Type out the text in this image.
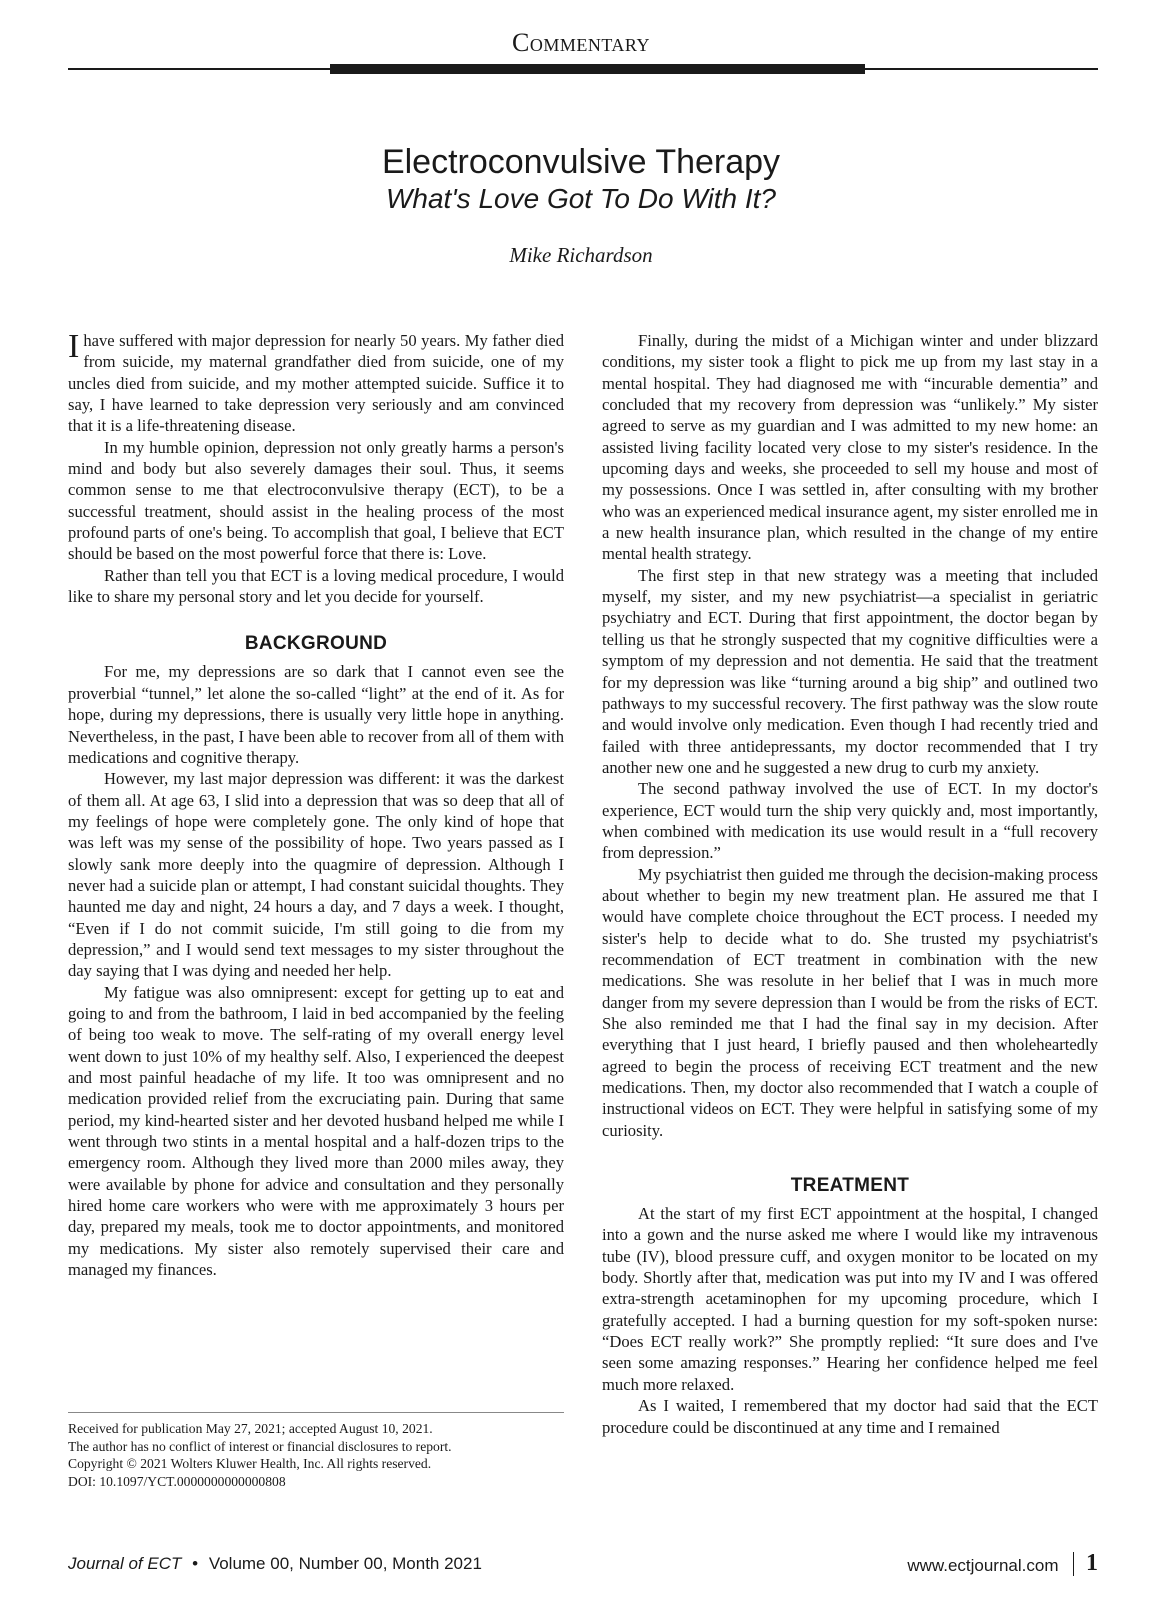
Commentary
Electroconvulsive Therapy
What's Love Got To Do With It?
Mike Richardson

Ihave suffered with major depression for nearly 50 years. My father died from suicide, my maternal grandfather died from suicide, one of my uncles died from suicide, and my mother attempted suicide. Suffice it to say, I have learned to take depression very seriously and am convinced that it is a life-threatening disease.

In my humble opinion, depression not only greatly harms a person's mind and body but also severely damages their soul. Thus, it seems common sense to me that electroconvulsive therapy (ECT), to be a successful treatment, should assist in the healing process of the most profound parts of one's being. To accomplish that goal, I believe that ECT should be based on the most powerful force that there is: Love.

Rather than tell you that ECT is a loving medical procedure, I would like to share my personal story and let you decide for yourself.

BACKGROUND

For me, my depressions are so dark that I cannot even see the proverbial “tunnel,” let alone the so-called “light” at the end of it. As for hope, during my depressions, there is usually very little hope in anything. Nevertheless, in the past, I have been able to recover from all of them with medications and cognitive therapy.

However, my last major depression was different: it was the darkest of them all. At age 63, I slid into a depression that was so deep that all of my feelings of hope were completely gone. The only kind of hope that was left was my sense of the possibility of hope. Two years passed as I slowly sank more deeply into the quagmire of depression. Although I never had a suicide plan or attempt, I had constant suicidal thoughts. They haunted me day and night, 24 hours a day, and 7 days a week. I thought, “Even if I do not commit suicide, I'm still going to die from my depression,” and I would send text messages to my sister throughout the day saying that I was dying and needed her help.

My fatigue was also omnipresent: except for getting up to eat and going to and from the bathroom, I laid in bed accompanied by the feeling of being too weak to move. The self-rating of my overall energy level went down to just 10% of my healthy self. Also, I experienced the deepest and most painful headache of my life. It too was omnipresent and no medication provided relief from the excruciating pain. During that same period, my kind-hearted sister and her devoted husband helped me while I went through two stints in a mental hospital and a half-dozen trips to the emergency room. Although they lived more than 2000 miles away, they were available by phone for advice and consultation and they personally hired home care workers who were with me approximately 3 hours per day, prepared my meals, took me to doctor appointments, and monitored my medications. My sister also remotely supervised their care and managed my finances.

Finally, during the midst of a Michigan winter and under blizzard conditions, my sister took a flight to pick me up from my last stay in a mental hospital. They had diagnosed me with “incurable dementia” and concluded that my recovery from depression was “unlikely.” My sister agreed to serve as my guardian and I was admitted to my new home: an assisted living facility located very close to my sister's residence. In the upcoming days and weeks, she proceeded to sell my house and most of my possessions. Once I was settled in, after consulting with my brother who was an experienced medical insurance agent, my sister enrolled me in a new health insurance plan, which resulted in the change of my entire mental health strategy.

The first step in that new strategy was a meeting that included myself, my sister, and my new psychiatrist—a specialist in geriatric psychiatry and ECT. During that first appointment, the doctor began by telling us that he strongly suspected that my cognitive difficulties were a symptom of my depression and not dementia. He said that the treatment for my depression was like “turning around a big ship” and outlined two pathways to my successful recovery. The first pathway was the slow route and would involve only medication. Even though I had recently tried and failed with three antidepressants, my doctor recommended that I try another new one and he suggested a new drug to curb my anxiety.

The second pathway involved the use of ECT. In my doctor's experience, ECT would turn the ship very quickly and, most importantly, when combined with medication its use would result in a “full recovery from depression.”

My psychiatrist then guided me through the decision-making process about whether to begin my new treatment plan. He assured me that I would have complete choice throughout the ECT process. I needed my sister's help to decide what to do. She trusted my psychiatrist's recommendation of ECT treatment in combination with the new medications. She was resolute in her belief that I was in much more danger from my severe depression than I would be from the risks of ECT. She also reminded me that I had the final say in my decision. After everything that I just heard, I briefly paused and then wholeheartedly agreed to begin the process of receiving ECT treatment and the new medications. Then, my doctor also recommended that I watch a couple of instructional videos on ECT. They were helpful in satisfying some of my curiosity.

TREATMENT

At the start of my first ECT appointment at the hospital, I changed into a gown and the nurse asked me where I would like my intravenous tube (IV), blood pressure cuff, and oxygen monitor to be located on my body. Shortly after that, medication was put into my IV and I was offered extra-strength acetaminophen for my upcoming procedure, which I gratefully accepted. I had a burning question for my soft-spoken nurse: “Does ECT really work?” She promptly replied: “It sure does and I've seen some amazing responses.” Hearing her confidence helped me feel much more relaxed.

As I waited, I remembered that my doctor had said that the ECT procedure could be discontinued at any time and I remained

Received for publication May 27, 2021; accepted August 10, 2021.
The author has no conflict of interest or financial disclosures to report.
Copyright © 2021 Wolters Kluwer Health, Inc. All rights reserved.
DOI: 10.1097/YCT.0000000000000808
Journal of ECT • Volume 00, Number 00, Month 2021	www.ectjournal.com 1
